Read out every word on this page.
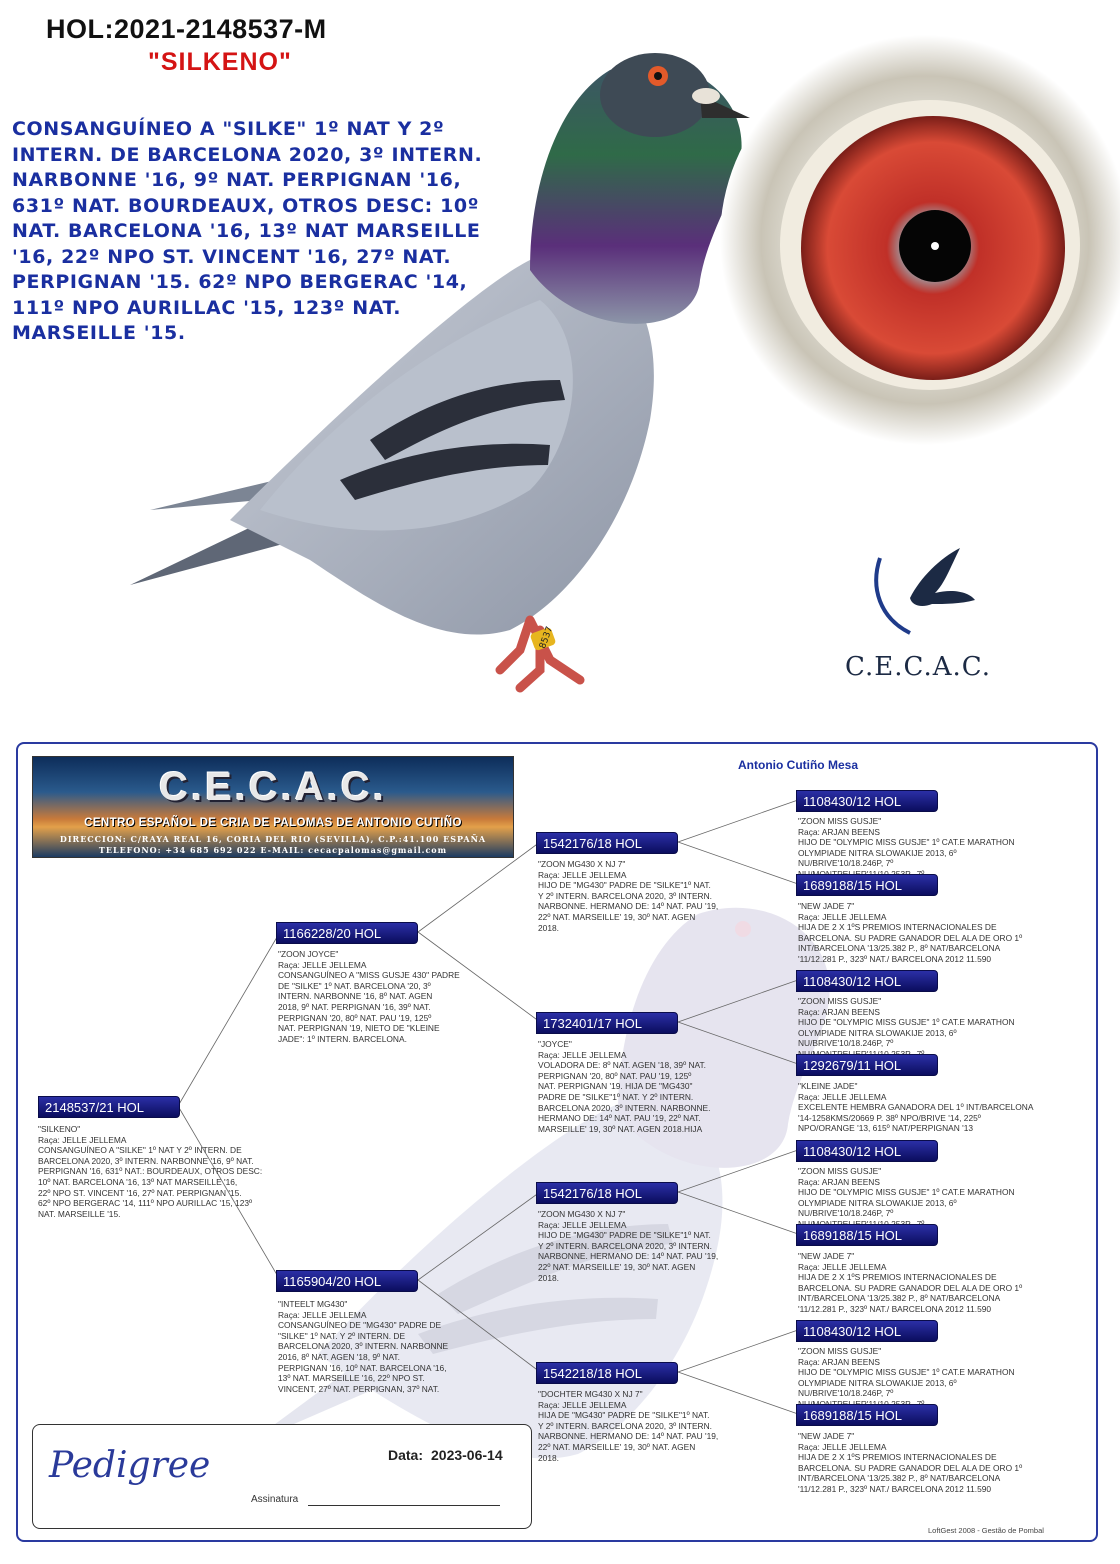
8537
HOL:2021-2148537-M
"SILKENO"
CONSANGUÍNEO A "SILKE" 1º NAT Y 2º INTERN. DE BARCELONA 2020, 3º INTERN. NARBONNE '16, 9º NAT. PERPIGNAN '16, 631º NAT. BOURDEAUX, OTROS DESC: 10º NAT. BARCELONA '16, 13º NAT MARSEILLE '16, 22º NPO ST. VINCENT '16, 27º NAT. PERPIGNAN '15. 62º NPO BERGERAC '14, 111º NPO AURILLAC '15, 123º NAT. MARSEILLE '15.
C.E.C.A.C.
Antonio Cutiño Mesa
C.E.C.A.C.
CENTRO ESPAÑOL DE CRIA DE PALOMAS DE ANTONIO CUTIÑO
DIRECCION: C/RAYA REAL 16, CORIA DEL RIO (SEVILLA), C.P.:41.100 ESPAÑA
TELEFONO: +34 685 692 022 E-MAIL: cecacpalomas@gmail.com
2148537/21 HOL
"SILKENO"
Raça: JELLE JELLEMA
CONSANGUÍNEO A "SILKE" 1º NAT Y 2º INTERN. DE
BARCELONA 2020, 3º INTERN. NARBONNE '16, 9º NAT.
PERPIGNAN '16, 631º NAT.: BOURDEAUX, OTROS DESC:
10º NAT. BARCELONA '16, 13º NAT MARSEILLE '16,
22º NPO ST. VINCENT '16, 27º NAT. PERPIGNAN '15.
62º NPO BERGERAC '14, 111º NPO AURILLAC '15, 123º
NAT. MARSEILLE '15.
1166228/20 HOL
"ZOON JOYCE"
Raça: JELLE JELLEMA
CONSANGUÍNEO A "MISS GUSJE 430" PADRE
DE "SILKE" 1º NAT. BARCELONA '20, 3º
INTERN. NARBONNE '16, 8º NAT. AGEN
2018, 9º NAT. PERPIGNAN '16, 39º NAT.
PERPIGNAN '20, 80º NAT. PAU '19, 125º
NAT. PERPIGNAN '19, NIETO DE "KLEINE
JADE": 1º INTERN. BARCELONA.
1165904/20 HOL
"INTEELT MG430"
Raça: JELLE JELLEMA
CONSANGUÍNEO DE "MG430" PADRE DE
"SILKE" 1º NAT. Y 2º INTERN. DE
BARCELONA 2020, 3º INTERN. NARBONNE
2016, 8º NAT. AGEN '18, 9º NAT.
PERPIGNAN '16, 10º NAT. BARCELONA '16,
13º NAT. MARSEILLE '16, 22º NPO ST.
VINCENT, 27º NAT. PERPIGNAN, 37º NAT.
1542176/18 HOL
"ZOON MG430 X NJ 7"
Raça: JELLE JELLEMA
HIJO DE "MG430" PADRE DE "SILKE"1º NAT.
Y 2º INTERN. BARCELONA 2020, 3º INTERN.
NARBONNE. HERMANO DE: 14º NAT. PAU '19,
22º NAT. MARSEILLE' 19, 30º NAT. AGEN
2018.
1732401/17 HOL
"JOYCE"
Raça: JELLE JELLEMA
VOLADORA DE: 8º NAT. AGEN '18, 39º NAT.
PERPIGNAN '20, 80º NAT. PAU '19, 125º
NAT. PERPIGNAN '19. HIJA DE "MG430"
PADRE DE "SILKE"1º NAT. Y 2º INTERN.
BARCELONA 2020, 3º INTERN. NARBONNE.
HERMANO DE: 14º NAT. PAU '19, 22º NAT.
MARSEILLE' 19, 30º NAT. AGEN 2018.HIJA
1542176/18 HOL
"ZOON MG430 X NJ 7"
Raça: JELLE JELLEMA
HIJO DE "MG430" PADRE DE "SILKE"1º NAT.
Y 2º INTERN. BARCELONA 2020, 3º INTERN.
NARBONNE. HERMANO DE: 14º NAT. PAU '19,
22º NAT. MARSEILLE' 19, 30º NAT. AGEN
2018.
1542218/18 HOL
"DOCHTER MG430 X NJ 7"
Raça: JELLE JELLEMA
HIJA DE "MG430" PADRE DE "SILKE"1º NAT.
Y 2º INTERN. BARCELONA 2020, 3º INTERN.
NARBONNE. HERMANO DE: 14º NAT. PAU '19,
22º NAT. MARSEILLE' 19, 30º NAT. AGEN
2018.
1108430/12 HOL
"ZOON MISS GUSJE"
Raça: ARJAN BEENS
HIJO DE "OLYMPIC MISS GUSJE" 1º CAT.E MARATHON
OLYMPIADE NITRA SLOWAKIJE 2013, 6º
NU/BRIVE'10/18.246P, 7º

1689188/15 HOL
"NEW JADE 7"
Raça: JELLE JELLEMA
HIJA DE 2 X 1ºS PREMIOS INTERNACIONALES DE
BARCELONA. SU PADRE GANADOR DEL ALA DE ORO 1º
INT/BARCELONA '13/25.382 P., 8º NAT/BARCELONA
'11/12.281 P., 323º NAT./ BARCELONA 2012 11.590
1108430/12 HOL
"ZOON MISS GUSJE"
Raça: ARJAN BEENS
HIJO DE "OLYMPIC MISS GUSJE" 1º CAT.E MARATHON
OLYMPIADE NITRA SLOWAKIJE 2013, 6º
NU/BRIVE'10/18.246P, 7º

1292679/11 HOL
"KLEINE JADE"
Raça: JELLE JELLEMA
EXCELENTE HEMBRA GANADORA DEL 1º INT/BARCELONA
'14-1258KMS/20669 P. 38º NPO/BRIVE '14, 225º
NPO/ORANGE '13, 615º NAT/PERPIGNAN '13
1108430/12 HOL
"ZOON MISS GUSJE"
Raça: ARJAN BEENS
HIJO DE "OLYMPIC MISS GUSJE" 1º CAT.E MARATHON
OLYMPIADE NITRA SLOWAKIJE 2013, 6º
NU/BRIVE'10/18.246P, 7º

1689188/15 HOL
"NEW JADE 7"
Raça: JELLE JELLEMA
HIJA DE 2 X 1ºS PREMIOS INTERNACIONALES DE
BARCELONA. SU PADRE GANADOR DEL ALA DE ORO 1º
INT/BARCELONA '13/25.382 P., 8º NAT/BARCELONA
'11/12.281 P., 323º NAT./ BARCELONA 2012 11.590
1108430/12 HOL
"ZOON MISS GUSJE"
Raça: ARJAN BEENS
HIJO DE "OLYMPIC MISS GUSJE" 1º CAT.E MARATHON
OLYMPIADE NITRA SLOWAKIJE 2013, 6º
NU/BRIVE'10/18.246P, 7º

1689188/15 HOL
"NEW JADE 7"
Raça: JELLE JELLEMA
HIJA DE 2 X 1ºS PREMIOS INTERNACIONALES DE
BARCELONA. SU PADRE GANADOR DEL ALA DE ORO 1º
INT/BARCELONA '13/25.382 P., 8º NAT/BARCELONA
'11/12.281 P., 323º NAT./ BARCELONA 2012 11.590
Pedigree	Data: 2023-06-14
Assinatura
LoftGest 2008 - Gestão de Pombal
